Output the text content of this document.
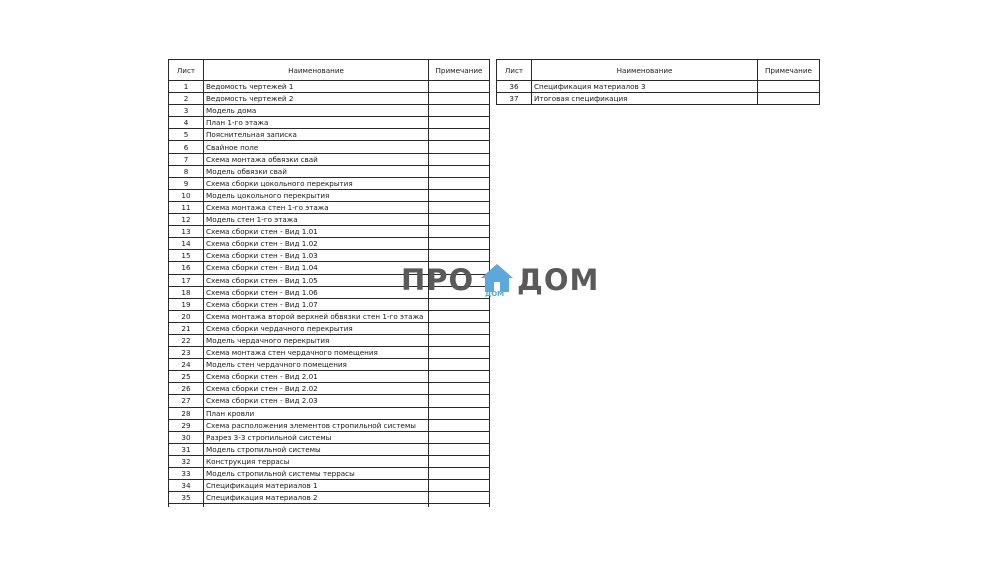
Лист	Наименование	Примечание
1	Ведомость чертежей 1	
2	Ведомость чертежей 2	
3	Модель дома	
4	План 1-го этажа	
5	Пояснительная записка	
6	Свайное поле	
7	Схема монтажа обвязки свай	
8	Модель обвязки свай	
9	Схема сборки цокольного перекрытия	
10	Модель цокольного перекрытия	
11	Схема монтажа стен 1-го этажа	
12	Модель стен 1-го этажа	
13	Схема сборки стен - Вид 1.01	
14	Схема сборки стен - Вид 1.02	
15	Схема сборки стен - Вид 1.03	
16	Схема сборки стен - Вид 1.04	
17	Схема сборки стен - Вид 1.05	
18	Схема сборки стен - Вид 1.06	
19	Схема сборки стен - Вид 1.07	
20	Схема монтажа второй верхней обвязки стен 1-го этажа	
21	Схема сборки чердачного перекрытия	
22	Модель чердачного перекрытия	
23	Схема монтажа стен чердачного помещения	
24	Модель стен чердачного помещения	
25	Схема сборки стен - Вид 2.01	
26	Схема сборки стен - Вид 2.02	
27	Схема сборки стен - Вид 2.03	
28	План кровли	
29	Схема расположения элементов стропильной системы	
30	Разрез 3-3 стропильной системы	
31	Модель стропильной системы	
32	Конструкция террасы	
33	Модель стропильной системы террасы	
34	Спецификация материалов 1	
35	Спецификация материалов 2	

Лист	Наименование	Примечание
36	Спецификация материалов 3	
37	Итоговая спецификация	
ПРО ДОМ ДОМ
